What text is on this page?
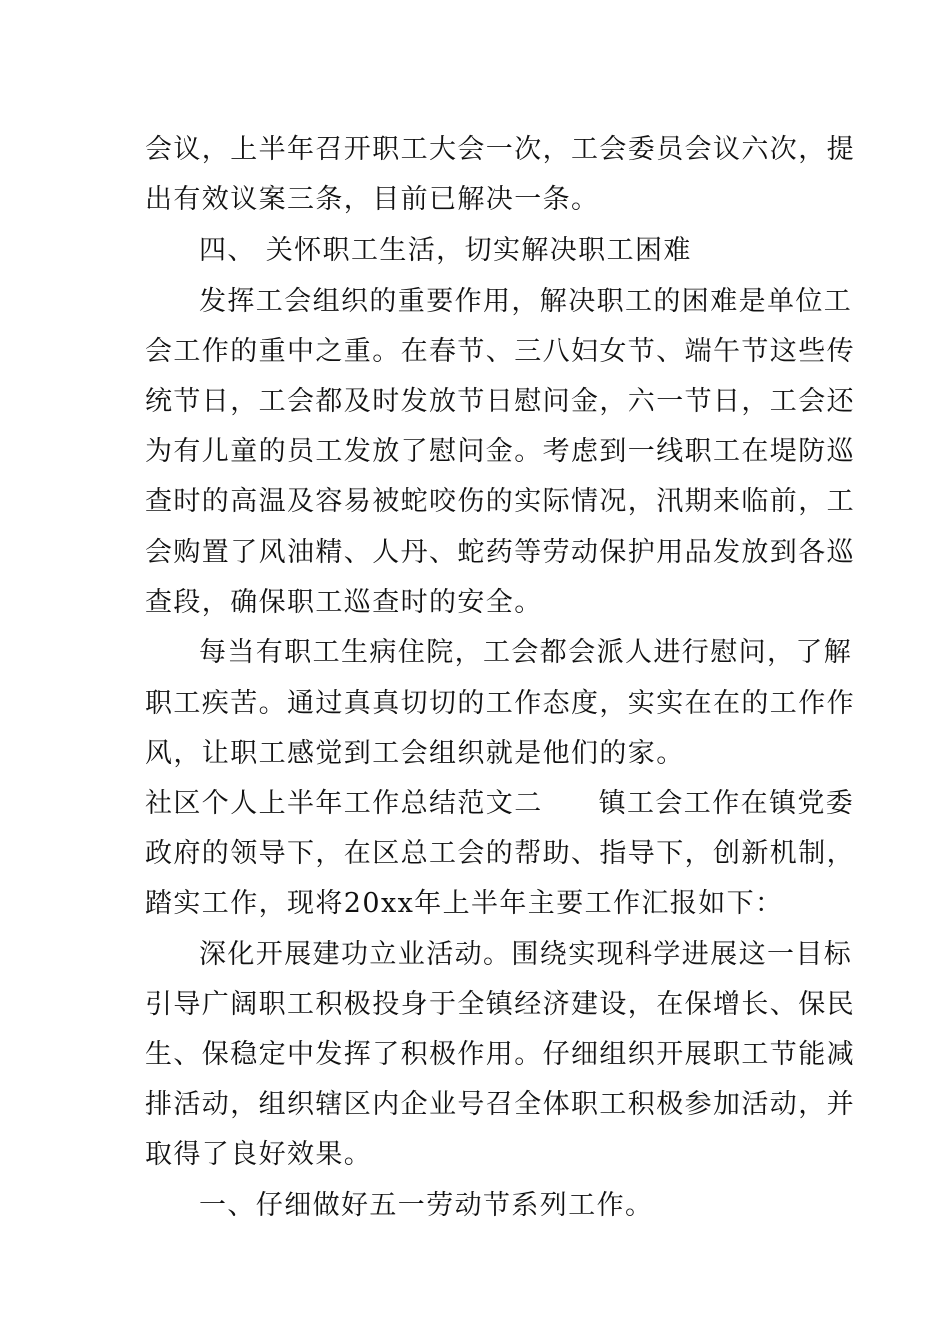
会议，上半年召开职工大会一次，工会委员会议六次，提
出有效议案三条，目前已解决一条。
四、 关怀职工生活，切实解决职工困难
发挥工会组织的重要作用，解决职工的困难是单位工
会工作的重中之重。在春节、三八妇女节、端午节这些传
统节日，工会都及时发放节日慰问金，六一节日，工会还
为有儿童的员工发放了慰问金。考虑到一线职工在堤防巡
查时的高温及容易被蛇咬伤的实际情况，汛期来临前，工
会购置了风油精、人丹、蛇药等劳动保护用品发放到各巡
查段，确保职工巡查时的安全。
每当有职工生病住院，工会都会派人进行慰问，了解
职工疾苦。通过真真切切的工作态度，实实在在的工作作
风，让职工感觉到工会组织就是他们的家。
社区个人上半年工作总结范文二 镇工会工作在镇党委
政府的领导下，在区总工会的帮助、指导下，创新机制，
踏实工作，现将20xx年上半年主要工作汇报如下：
深化开展建功立业活动。围绕实现科学进展这一目标
引导广阔职工积极投身于全镇经济建设，在保增长、保民
生、保稳定中发挥了积极作用。仔细组织开展职工节能减
排活动，组织辖区内企业号召全体职工积极参加活动，并
取得了良好效果。
一、仔细做好五一劳动节系列工作。
